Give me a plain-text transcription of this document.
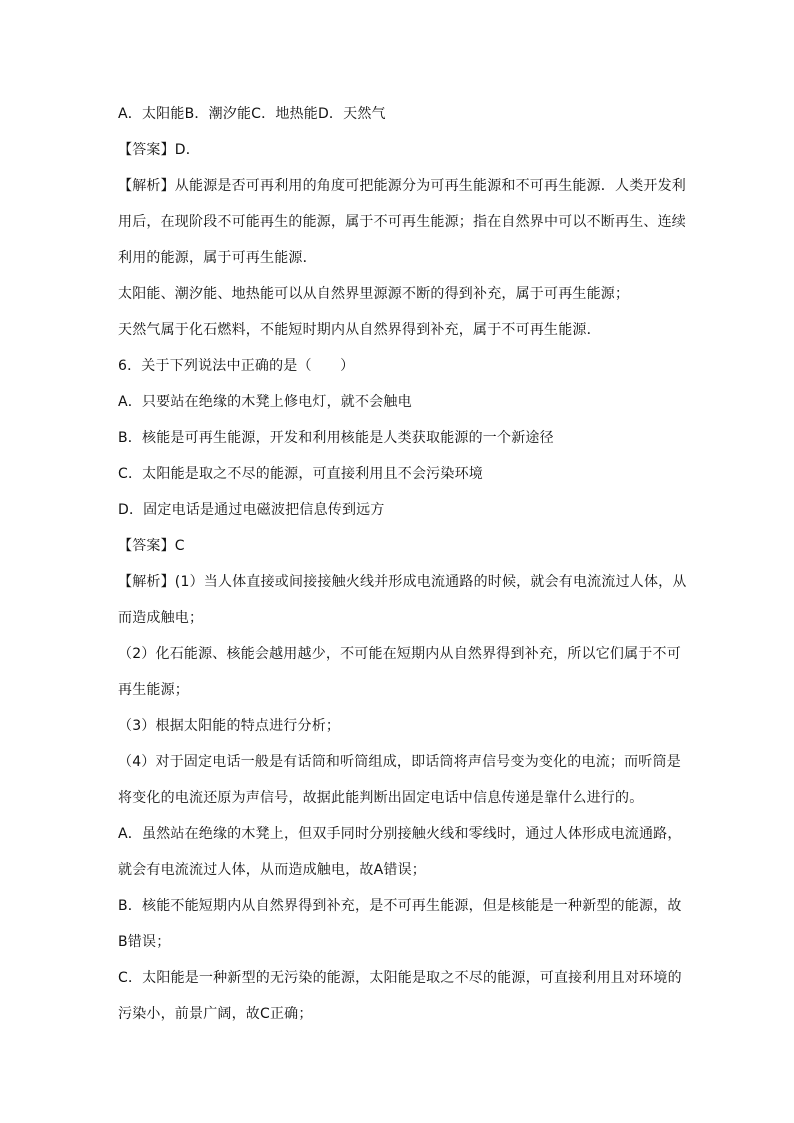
A．太阳能B．潮汐能C．地热能D．天然气
【答案】D．
【解析】从能源是否可再利用的角度可把能源分为可再生能源和不可再生能源．人类开发利
用后，在现阶段不可能再生的能源，属于不可再生能源；指在自然界中可以不断再生、连续
利用的能源，属于可再生能源．
太阳能、潮汐能、地热能可以从自然界里源源不断的得到补充，属于可再生能源；
天然气属于化石燃料，不能短时期内从自然界得到补充，属于不可再生能源．
6．关于下列说法中正确的是（　　）
A．只要站在绝缘的木凳上修电灯，就不会触电
B．核能是可再生能源，开发和利用核能是人类获取能源的一个新途径
C．太阳能是取之不尽的能源，可直接利用且不会污染环境
D．固定电话是通过电磁波把信息传到远方
【答案】C
【解析】(1）当人体直接或间接接触火线并形成电流通路的时候，就会有电流流过人体，从
而造成触电；
（2）化石能源、核能会越用越少，不可能在短期内从自然界得到补充，所以它们属于不可
再生能源；
（3）根据太阳能的特点进行分析；
（4）对于固定电话一般是有话筒和听筒组成，即话筒将声信号变为变化的电流；而听筒是
将变化的电流还原为声信号，故据此能判断出固定电话中信息传递是靠什么进行的。
A．虽然站在绝缘的木凳上，但双手同时分别接触火线和零线时，通过人体形成电流通路，
就会有电流流过人体，从而造成触电，故A错误；
B．核能不能短期内从自然界得到补充，是不可再生能源，但是核能是一种新型的能源，故
B错误；
C．太阳能是一种新型的无污染的能源，太阳能是取之不尽的能源，可直接利用且对环境的
污染小，前景广阔，故C正确；
